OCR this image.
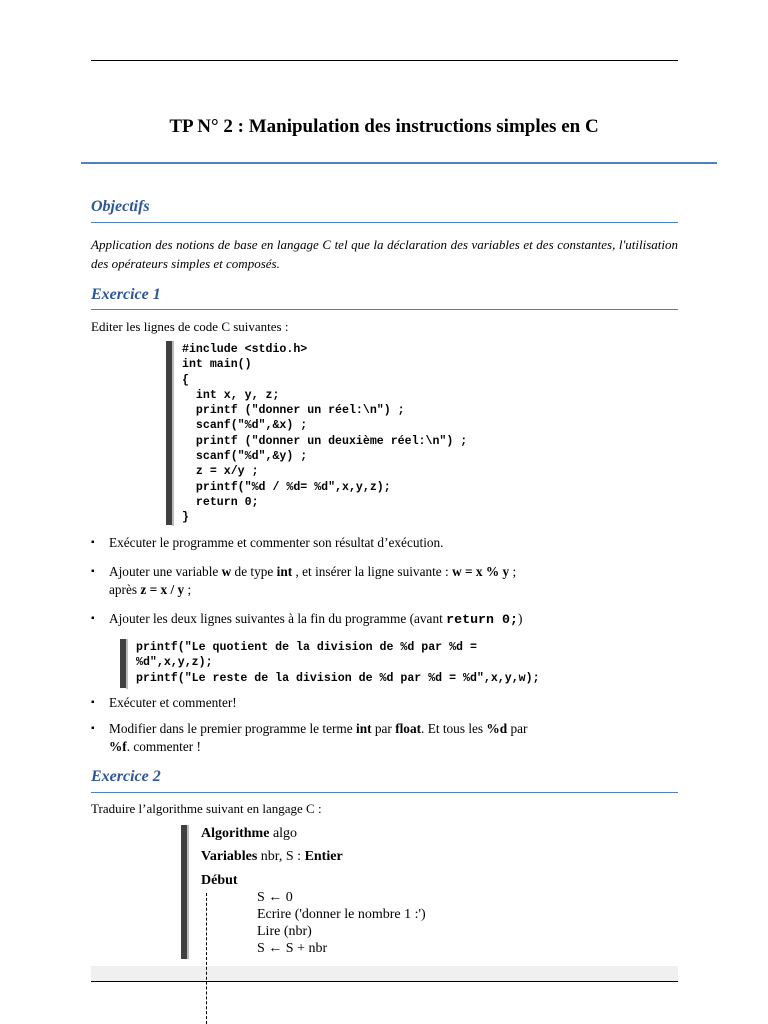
TP N° 2 : Manipulation des instructions simples en C
Objectifs
Application des notions de base en langage C tel que la déclaration des variables et des constantes, l'utilisation des opérateurs simples et composés.
Exercice 1
Editer les lignes de code C suivantes :
#include <stdio.h>
int main()
{
int x, y, z;
printf ("donner un réel:\n") ;
scanf("%d",&x) ;
printf ("donner un deuxième réel:\n") ;
scanf("%d",&y) ;
z = x/y ;
printf("%d / %d= %d",x,y,z);
return 0;
}
▪ Exécuter le programme et commenter son résultat d’exécution.
▪ Ajouter une variable w de type int , et insérer la ligne suivante : w = x % y ;
après z = x / y ;
▪ Ajouter les deux lignes suivantes à la fin du programme (avant return 0;)
printf("Le quotient de la division de %d par %d =
%d",x,y,z);
printf("Le reste de la division de %d par %d = %d",x,y,w);
▪ Exécuter et commenter!
▪ Modifier dans le premier programme le terme int par float. Et tous les %d par
%f. commenter !
Exercice 2
Traduire l’algorithme suivant en langage C :
Algorithme algo
Variables nbr, S : Entier
Début
S ← 0
Ecrire ('donner le nombre 1 :')
Lire (nbr)
S ← S + nbr
